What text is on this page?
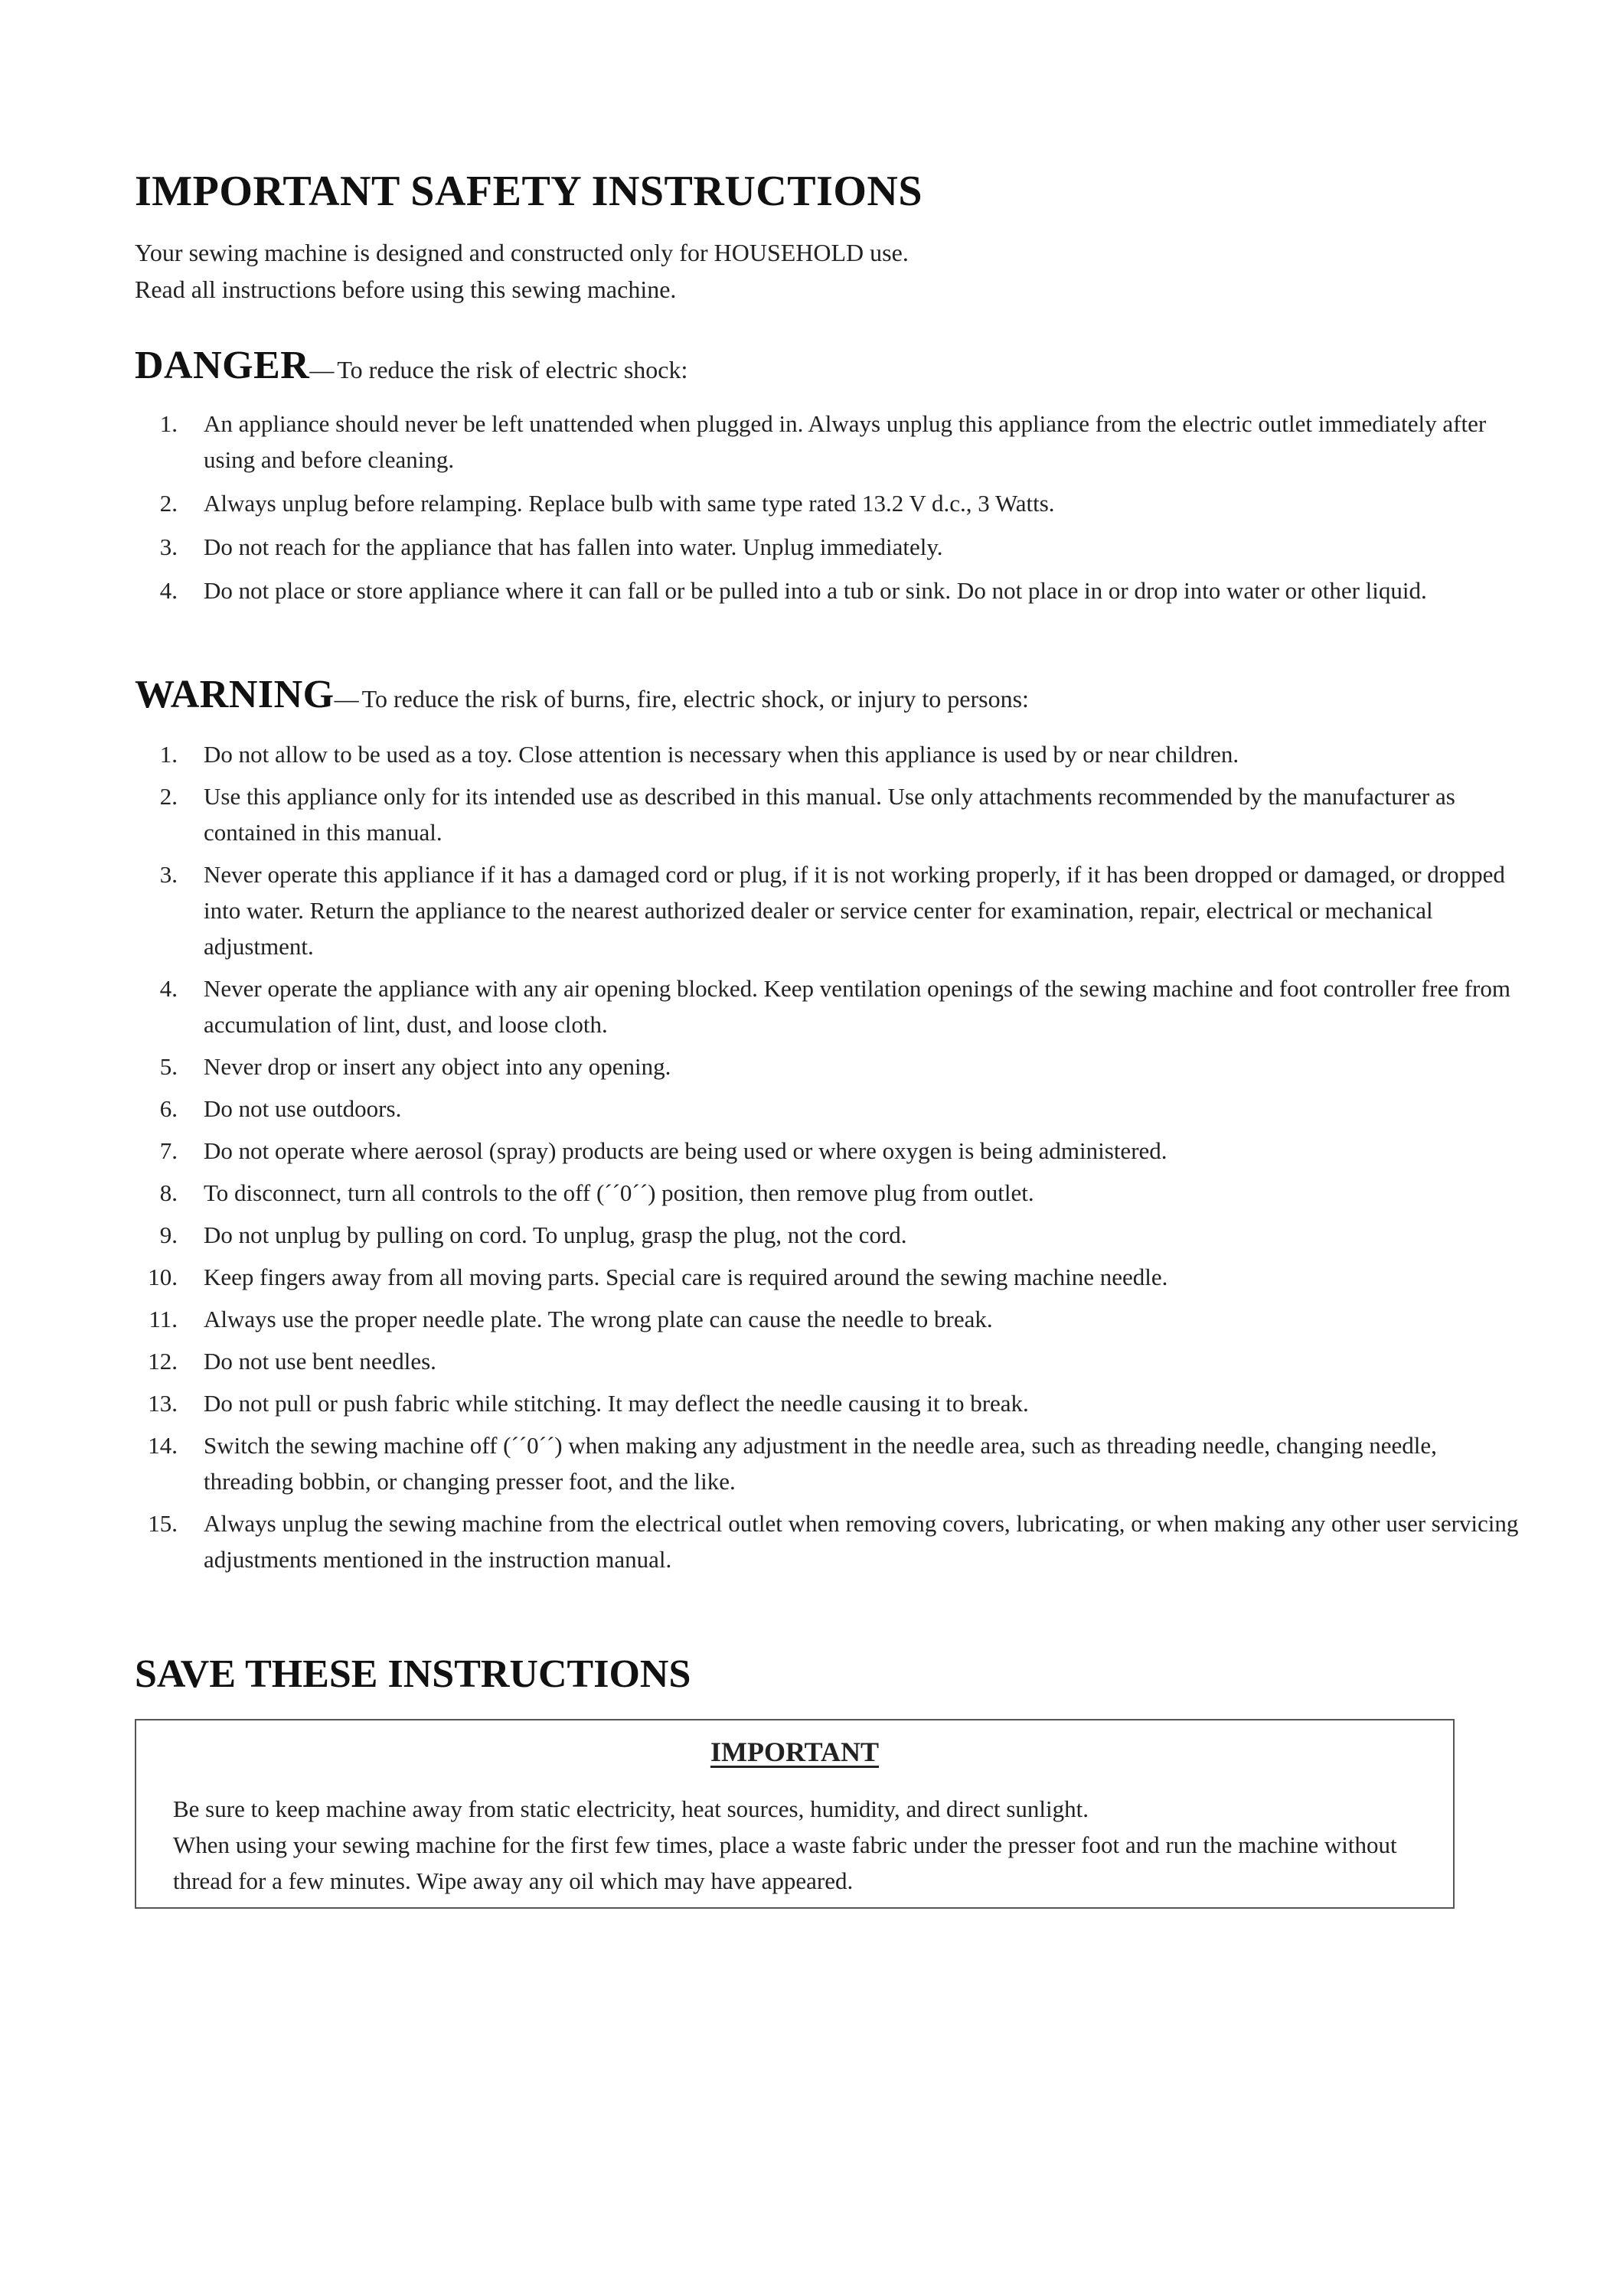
IMPORTANT SAFETY INSTRUCTIONS
Your sewing machine is designed and constructed only for HOUSEHOLD use.
Read all instructions before using this sewing machine.
DANGER— To reduce the risk of electric shock:
1. An appliance should never be left unattended when plugged in. Always unplug this appliance from the electric outlet immediately after using and before cleaning.
2. Always unplug before relamping. Replace bulb with same type rated 13.2 V d.c., 3 Watts.
3. Do not reach for the appliance that has fallen into water. Unplug immediately.
4. Do not place or store appliance where it can fall or be pulled into a tub or sink. Do not place in or drop into water or other liquid.
WARNING— To reduce the risk of burns, fire, electric shock, or injury to persons:
1. Do not allow to be used as a toy. Close attention is necessary when this appliance is used by or near children.
2. Use this appliance only for its intended use as described in this manual. Use only attachments recommended by the manufacturer as contained in this manual.
3. Never operate this appliance if it has a damaged cord or plug, if it is not working properly, if it has been dropped or damaged, or dropped into water. Return the appliance to the nearest authorized dealer or service center for examination, repair, electrical or mechanical adjustment.
4. Never operate the appliance with any air opening blocked. Keep ventilation openings of the sewing machine and foot controller free from accumulation of lint, dust, and loose cloth.
5. Never drop or insert any object into any opening.
6. Do not use outdoors.
7. Do not operate where aerosol (spray) products are being used or where oxygen is being administered.
8. To disconnect, turn all controls to the off (´´0´´) position, then remove plug from outlet.
9. Do not unplug by pulling on cord. To unplug, grasp the plug, not the cord.
10. Keep fingers away from all moving parts. Special care is required around the sewing machine needle.
11. Always use the proper needle plate. The wrong plate can cause the needle to break.
12. Do not use bent needles.
13. Do not pull or push fabric while stitching. It may deflect the needle causing it to break.
14. Switch the sewing machine off (´´0´´) when making any adjustment in the needle area, such as threading needle, changing needle, threading bobbin, or changing presser foot, and the like.
15. Always unplug the sewing machine from the electrical outlet when removing covers, lubricating, or when making any other user servicing adjustments mentioned in the instruction manual.
SAVE THESE INSTRUCTIONS
IMPORTANT
Be sure to keep machine away from static electricity, heat sources, humidity, and direct sunlight.
When using your sewing machine for the first few times, place a waste fabric under the presser foot and run the machine without thread for a few minutes. Wipe away any oil which may have appeared.
